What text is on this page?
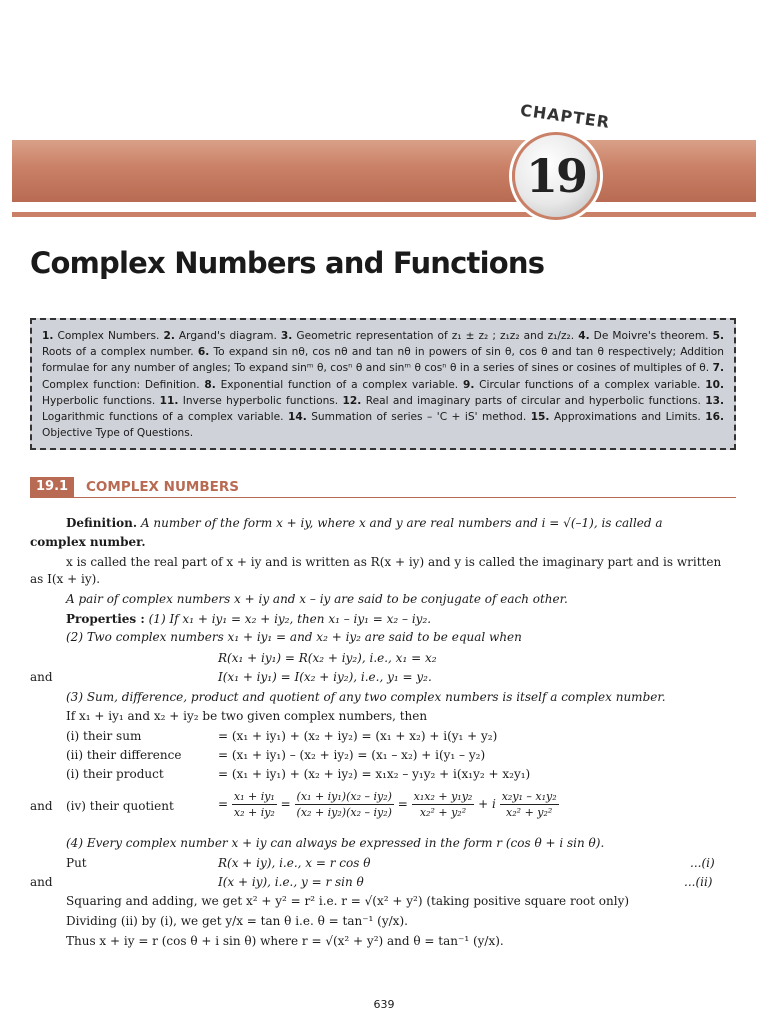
CHAPTER
19
Complex Numbers and Functions
1. Complex Numbers. 2. Argand's diagram. 3. Geometric representation of z₁ ± z₂ ; z₁z₂ and z₁/z₂. 4. De Moivre's theorem. 5. Roots of a complex number. 6. To expand sin nθ, cos nθ and tan nθ in powers of sin θ, cos θ and tan θ respectively; Addition formulae for any number of angles; To expand sinᵐ θ, cosⁿ θ and sinᵐ θ cosⁿ θ in a series of sines or cosines of multiples of θ. 7. Complex function: Definition. 8. Exponential function of a complex variable. 9. Circular functions of a complex variable. 10. Hyperbolic functions. 11. Inverse hyperbolic functions. 12. Real and imaginary parts of circular and hyperbolic functions. 13. Logarithmic functions of a complex variable. 14. Summation of series – 'C + iS' method. 15. Approximations and Limits. 16. Objective Type of Questions.
19.1	COMPLEX NUMBERS
Definition. A number of the form x + iy, where x and y are real numbers and i = √(–1), is called a
complex number.
x is called the real part of x + iy and is written as R(x + iy) and y is called the imaginary part and is written
as I(x + iy).
A pair of complex numbers x + iy and x – iy are said to be conjugate of each other.
Properties : (1) If x₁ + iy₁ = x₂ + iy₂, then x₁ – iy₁ = x₂ – iy₂.
(2) Two complex numbers x₁ + iy₁ = and x₂ + iy₂ are said to be equal when
R(x₁ + iy₁) = R(x₂ + iy₂), i.e., x₁ = x₂
and	I(x₁ + iy₁) = I(x₂ + iy₂), i.e., y₁ = y₂.
(3) Sum, difference, product and quotient of any two complex numbers is itself a complex number.
If x₁ + iy₁ and x₂ + iy₂ be two given complex numbers, then
(i) their sum	= (x₁ + iy₁) + (x₂ + iy₂) = (x₁ + x₂) + i(y₁ + y₂)
(ii) their difference	= (x₁ + iy₁) – (x₂ + iy₂) = (x₁ – x₂) + i(y₁ – y₂)
(i) their product	= (x₁ + iy₁) + (x₂ + iy₂) = x₁x₂ – y₁y₂ + i(x₁y₂ + x₂y₁)
and (iv) their quotient	= $\frac{\text{x₁ + iy₁}}{\text{x₂ + iy₂}} = \frac{\text{(x₁ + iy₁)(x₂ – iy₂)}}{\text{(x₂ + iy₂)(x₂ – iy₂)}} = \frac{\text{x₁x₂ + y₁y₂}}{\text{x₂² + y₂²}} + i \frac{\text{x₂y₁ – x₁y₂}}{\text{x₂² + y₂²}}$
(4) Every complex number x + iy can always be expressed in the form r (cos θ + i sin θ).
Put	R(x + iy), i.e., x = r cos θ	...(i)
and	I(x + iy), i.e., y = r sin θ	...(ii)
Squaring and adding, we get x² + y² = r² i.e. r = √(x² + y²) (taking positive square root only)
Dividing (ii) by (i), we get y/x = tan θ i.e. θ = tan⁻¹ (y/x).
Thus x + iy = r (cos θ + i sin θ) where r = √(x² + y²) and θ = tan⁻¹ (y/x).
639
